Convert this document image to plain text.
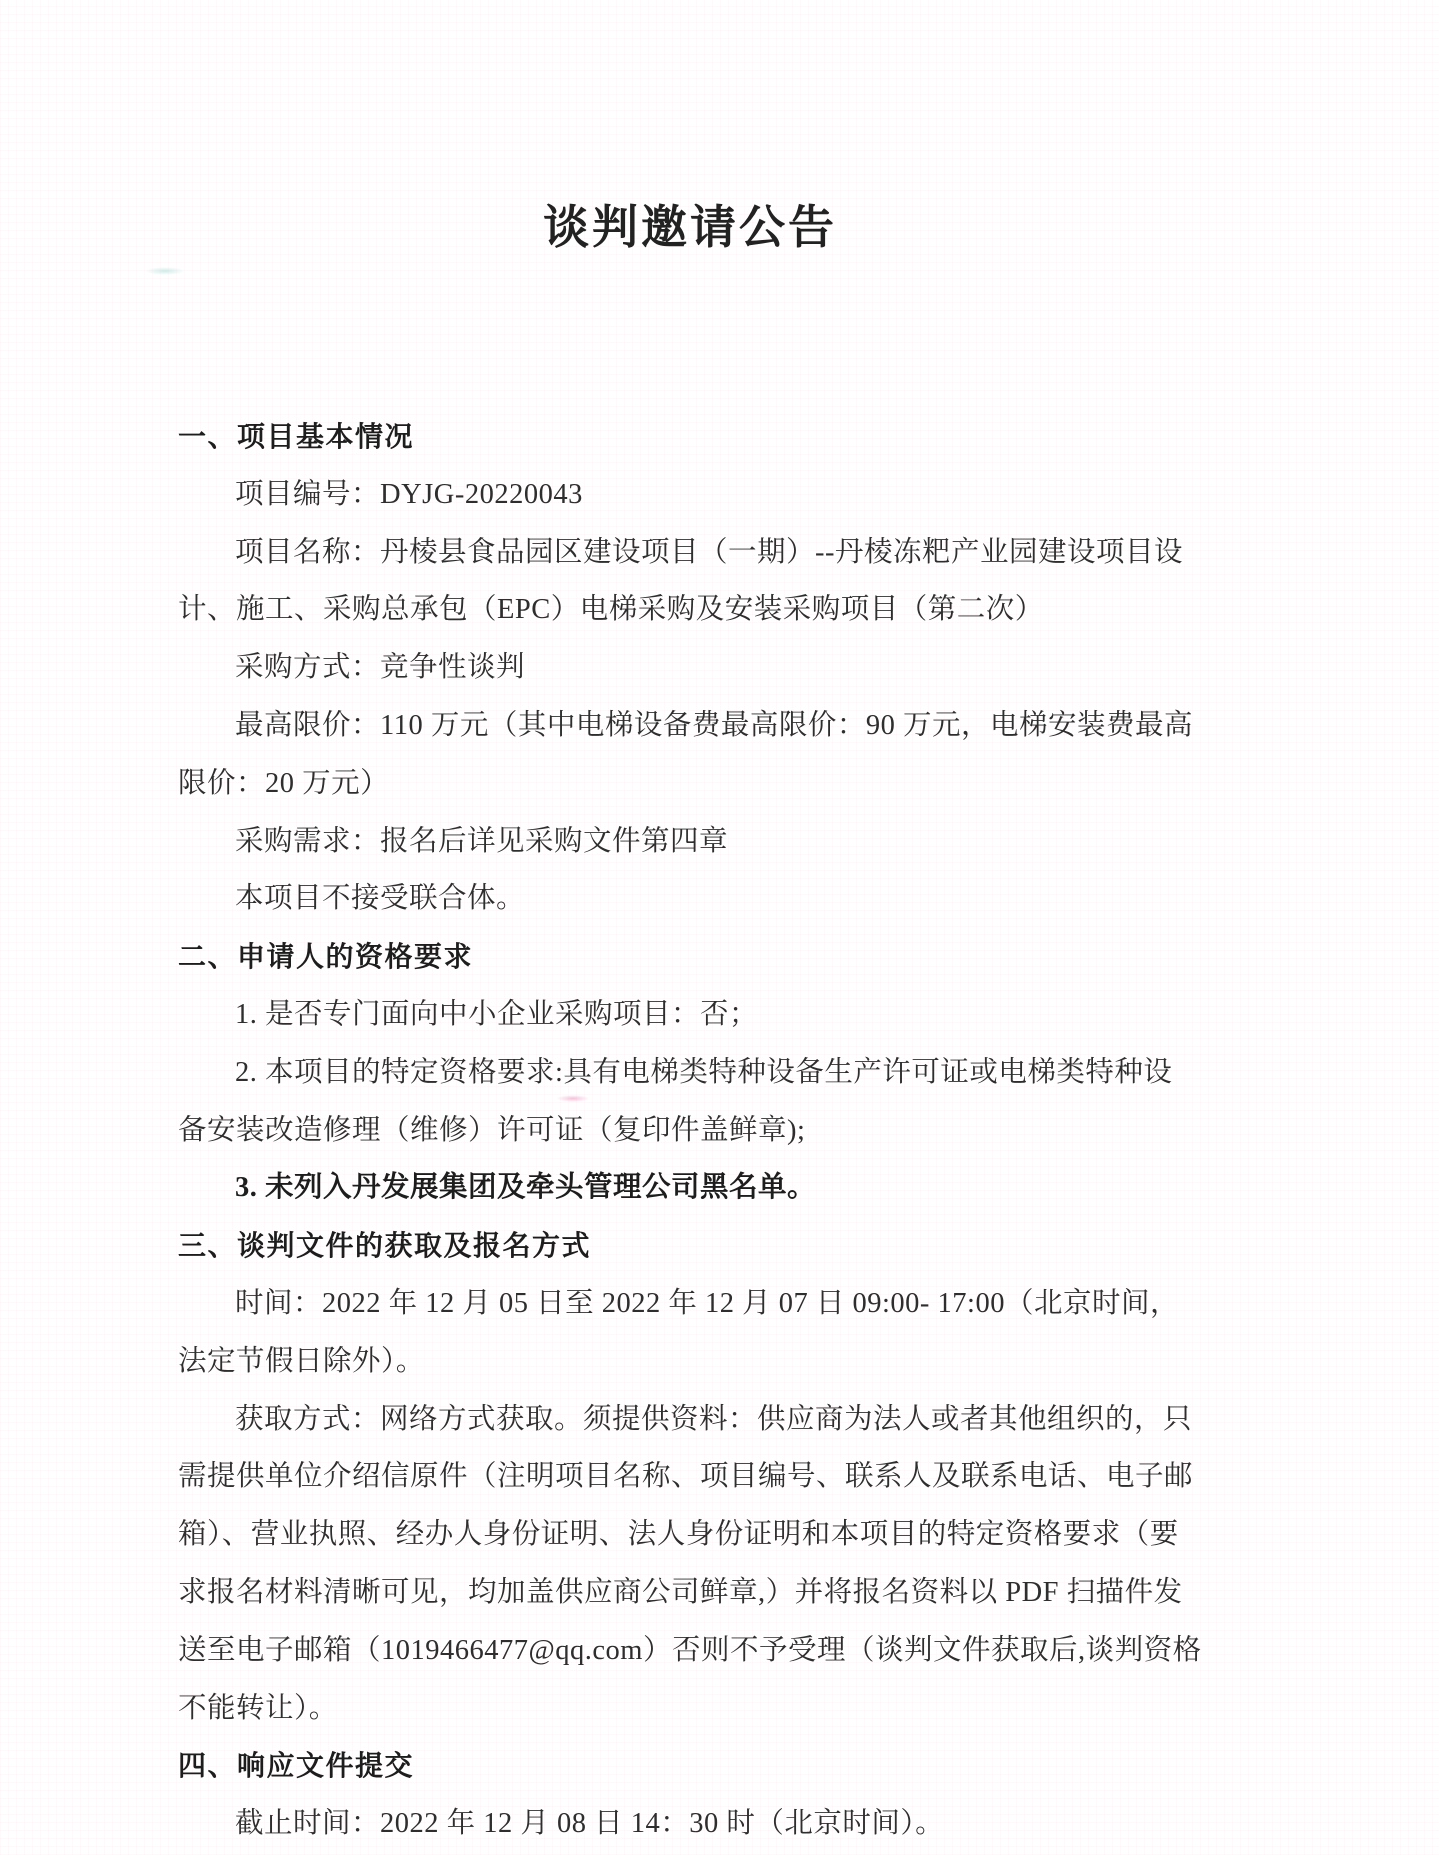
谈判邀请公告
一、项目基本情况
项目编号：DYJG-20220043
项目名称：丹棱县食品园区建设项目（一期）--丹棱冻粑产业园建设项目设
计、施工、采购总承包（EPC）电梯采购及安装采购项目（第二次）
采购方式：竞争性谈判
最高限价：110 万元（其中电梯设备费最高限价：90 万元，电梯安装费最高
限价：20 万元）
采购需求：报名后详见采购文件第四章
本项目不接受联合体。
二、申请人的资格要求
1. 是否专门面向中小企业采购项目：否；
2. 本项目的特定资格要求:具有电梯类特种设备生产许可证或电梯类特种设
备安装改造修理（维修）许可证（复印件盖鲜章);
3. 未列入丹发展集团及牵头管理公司黑名单。
三、谈判文件的获取及报名方式
时间：2022 年 12 月 05 日至 2022 年 12 月 07 日 09:00- 17:00（北京时间，
法定节假日除外）。
获取方式：网络方式获取。须提供资料：供应商为法人或者其他组织的，只
需提供单位介绍信原件（注明项目名称、项目编号、联系人及联系电话、电子邮
箱）、营业执照、经办人身份证明、法人身份证明和本项目的特定资格要求（要
求报名材料清晰可见，均加盖供应商公司鲜章,）并将报名资料以 PDF 扫描件发
送至电子邮箱（1019466477@qq.com）否则不予受理（谈判文件获取后,谈判资格
不能转让）。
四、响应文件提交
截止时间：2022 年 12 月 08 日 14：30 时（北京时间）。
